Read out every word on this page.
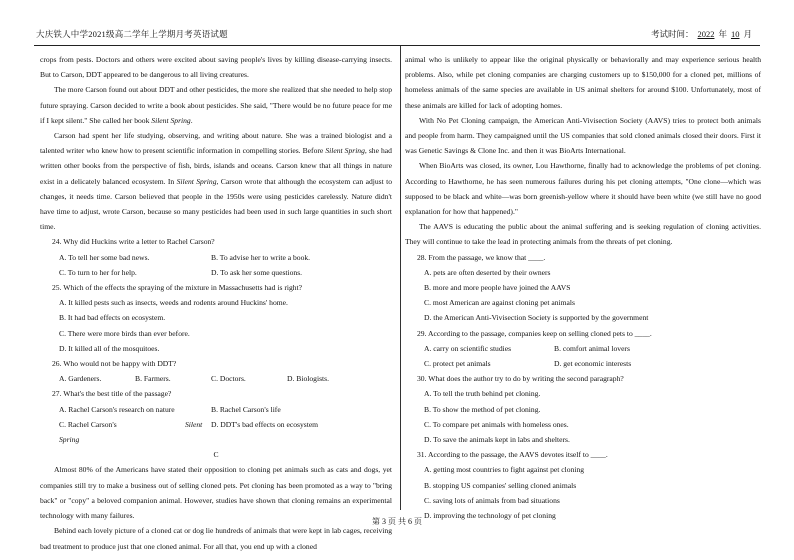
大庆铁人中学2021级高二学年上学期月考英语试题	考试时间： 2022 年 10 月

crops from pests. Doctors and others were excited about saving people's lives by killing disease-carrying insects. But to Carson, DDT appeared to be dangerous to all living creatures.

The more Carson found out about DDT and other pesticides, the more she realized that she needed to help stop future spraying. Carson decided to write a book about pesticides. She said, "There would be no future peace for me if I kept silent." She called her book Silent Spring.

Carson had spent her life studying, observing, and writing about nature. She was a trained biologist and a talented writer who knew how to present scientific information in compelling stories. Before Silent Spring, she had written other books from the perspective of fish, birds, islands and oceans. Carson knew that all things in nature exist in a delicately balanced ecosystem. In Silent Spring, Carson wrote that although the ecosystem can adjust to changes, it needs time. Carson believed that people in the 1950s were using pesticides carelessly. Nature didn't have time to adjust, wrote Carson, because so many pesticides had been used in such large quantities in such short time.

24. Why did Huckins write a letter to Rachel Carson?

A. To tell her some bad news.	B. To advise her to write a book.
C. To turn to her for help.	D. To ask her some questions.

25. Which of the effects the spraying of the mixture in Massachusetts had is right?

A. It killed pests such as insects, weeds and rodents around Huckins' home.
B. It had bad effects on ecosystem.
C. There were more birds than ever before.
D. It killed all of the mosquitoes.

26. Who would not be happy with DDT?

A. Gardeners.	B. Farmers.	C. Doctors.	D. Biologists.

27. What's the best title of the passage?

A. Rachel Carson's research on nature	B. Rachel Carson's life
C. Rachel Carson's	Silent Spring
D. DDT's bad effects on ecosystem

C

Almost 80% of the Americans have stated their opposition to cloning pet animals such as cats and dogs, yet companies still try to make a business out of selling cloned pets. Pet cloning has been promoted as a way to "bring back" or "copy" a beloved companion animal. However, studies have shown that cloning remains an experimental technology with many failures.

Behind each lovely picture of a cloned cat or dog lie hundreds of animals that were kept in lab cages, receiving bad treatment to produce just that one cloned animal. For all that, you end up with a cloned

animal who is unlikely to appear like the original physically or behaviorally and may experience serious health problems. Also, while pet cloning companies are charging customers up to $150,000 for a cloned pet, millions of homeless animals of the same species are available in US animal shelters for around $100. Unfortunately, most of these animals are killed for lack of adopting homes.

With No Pet Cloning campaign, the American Anti-Vivisection Society (AAVS) tries to protect both animals and people from harm. They campaigned until the US companies that sold cloned animals closed their doors. First it was Genetic Savings & Clone Inc. and then it was BioArts International.

When BioArts was closed, its owner, Lou Hawthorne, finally had to acknowledge the problems of pet cloning. According to Hawthorne, he has seen numerous failures during his pet cloning attempts, "One clone—which was supposed to be black and white—was born greenish-yellow where it should have been white (we still have no good explanation for how that happened)."

The AAVS is educating the public about the animal suffering and is seeking regulation of cloning activities. They will continue to take the lead in protecting animals from the threats of pet cloning.

28. From the passage, we know that ____.

A. pets are often deserted by their owners
B. more and more people have joined the AAVS
C. most American are against cloning pet animals
D. the American Anti-Vivisection Society is supported by the government

29. According to the passage, companies keep on selling cloned pets to ____.

A. carry on scientific studies	B. comfort animal lovers
C. protect pet animals	D. get economic interests

30. What does the author try to do by writing the second paragraph?

A. To tell the truth behind pet cloning.
B. To show the method of pet cloning.
C. To compare pet animals with homeless ones.
D. To save the animals kept in labs and shelters.

31. According to the passage, the AAVS devotes itself to ____.

A. getting most countries to fight against pet cloning
B. stopping US companies' selling cloned animals
C. saving lots of animals from bad situations
D. improving the technology of pet cloning
第 3 页 共 6 页
